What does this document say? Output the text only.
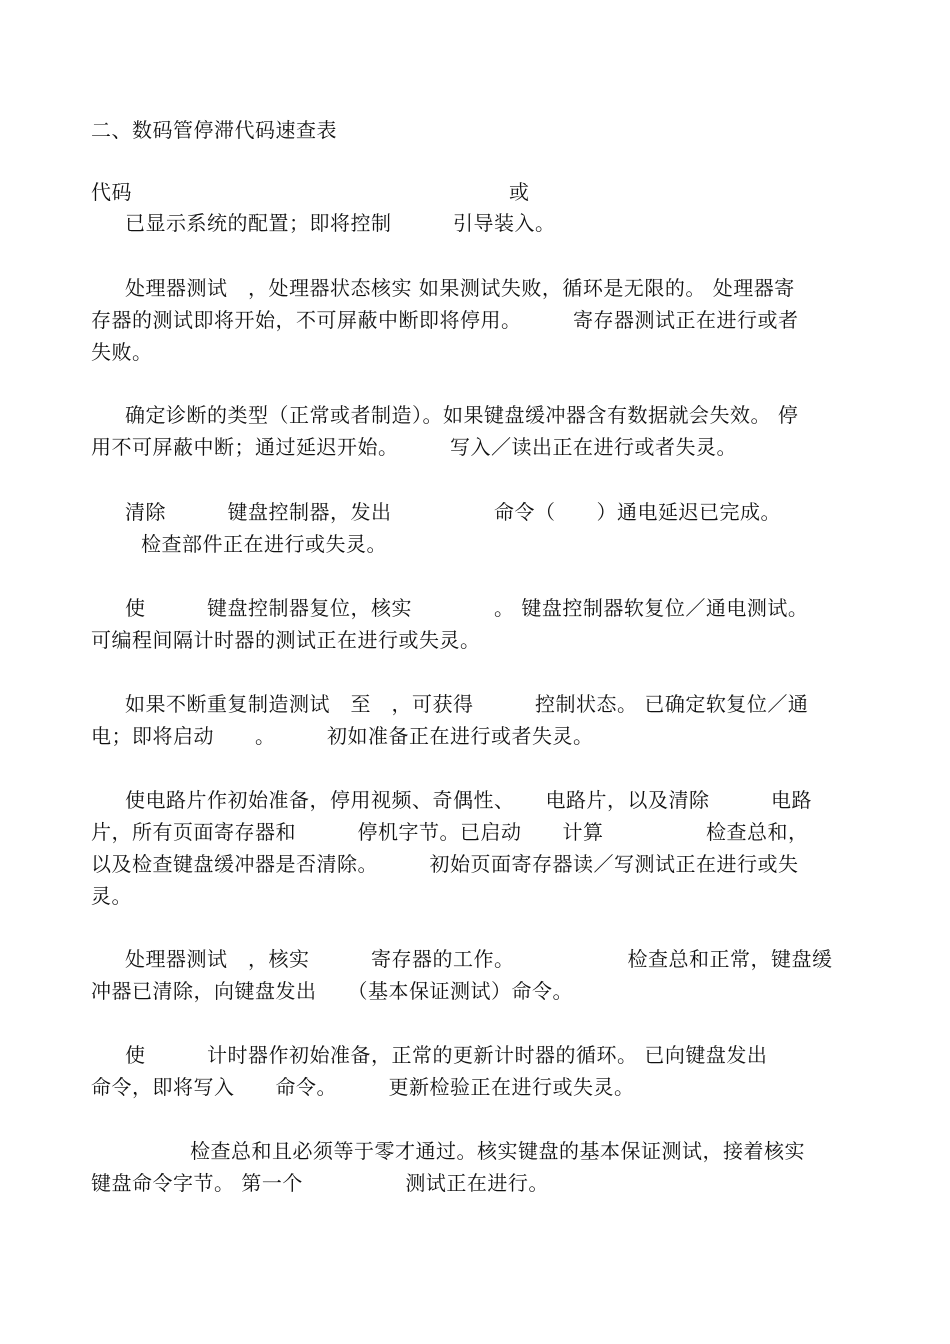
二、数码管停滞代码速查表
代码	或
已显示系统的配置；即将控制　　　引导装入。
处理器测试　，处理器状态核实 如果测试失败，循环是无限的。 处理器寄
存器的测试即将开始，不可屏蔽中断即将停用。　　　寄存器测试正在进行或者
失败。
确定诊断的类型（正常或者制造）。如果键盘缓冲器含有数据就会失效。 停
用不可屏蔽中断；通过延迟开始。　　　写入／读出正在进行或者失灵。
清除　　　键盘控制器，发出　　　　　命令（　　）通电延迟已完成。
检查部件正在进行或失灵。
使　　　键盘控制器复位，核实　　　　。 键盘控制器软复位／通电测试。
可编程间隔计时器的测试正在进行或失灵。
如果不断重复制造测试　至　，可获得　　　控制状态。 已确定软复位／通
电；即将启动　　。　　　初如准备正在进行或者失灵。
使电路片作初始准备，停用视频、奇偶性、　　电路片，以及清除　　　电路
片，所有页面寄存器和　　　停机字节。已启动　　计算　　　　　检查总和，
以及检查键盘缓冲器是否清除。　　　初始页面寄存器读／写测试正在进行或失
灵。
处理器测试　，核实　　　寄存器的工作。　　　　　　检查总和正常，键盘缓
冲器已清除，向键盘发出　　（基本保证测试）命令。
使　　　计时器作初始准备，正常的更新计时器的循环。 已向键盘发出
命令，即将写入　　命令。　　　更新检验正在进行或失灵。
检查总和且必须等于零才通过。核实键盘的基本保证测试，接着核实
键盘命令字节。 第一个　　　　　测试正在进行。
